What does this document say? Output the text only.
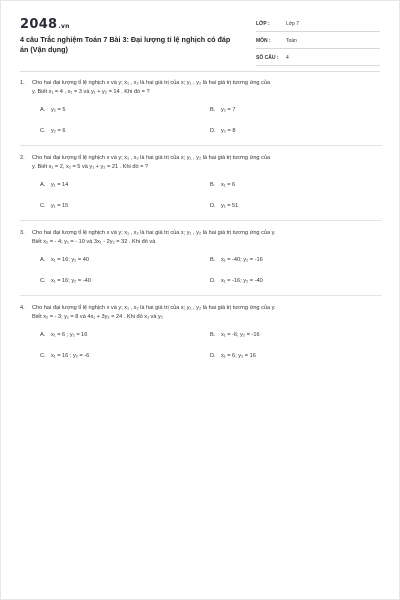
2048.vn
4 câu Trắc nghiệm Toán 7 Bài 3: Đại lượng tỉ lệ nghịch có đáp án (Vận dụng)
LỚP :	Lớp 7
MÔN :	Toán
SỐ CÂU :	4
1.	Cho hai đại lượng tỉ lệ nghịch x và y; x₁ , x₂ là hai giá trị của x; y₁ , y₂ là hai giá trị tương ứng của
y. Biết x₁ = 4 , x₂ = 3 và y₁ + y₂ = 14 . Khi đó = ?
A.	y₂ = 5	B.	y₂ = 7
C. y₂ = 6	D. y₂ = 8
2.	Cho hai đại lượng tỉ lệ nghịch x và y; x₁ , x₂ là hai giá trị của x; y₁ , y₂ là hai giá trị tương ứng của
y. Biết x₁ = 2, x₂ = 5 và y₁ + y₂ = 21 . Khi đó = ?
A.	y₁ = 14	B.	x₁ = 6
C. y₁ = 15	D. y₁ = 51
3.	Cho hai đại lượng tỉ lệ nghịch x và y; x₁ , x₂ là hai giá trị của x; y₁ , y₂ là hai giá trị tương ứng của y.
Biết x₂ = - 4; y₁ = - 10 và 3x₁ - 2y₂ = 32 . Khi đó và
A.	x₁ = 16; y₂ = 40	B.	x₁ = -40; y₂ = -16
C. x₁ = 16; y₂ = -40	D. x₁ = -16; y₂ = -40
4.	Cho hai đại lượng tỉ lệ nghịch x và y; x₁ , x₂ là hai giá trị của x; y₁ , y₂ là hai giá trị tương ứng của y.
Biết x₂ = - 3; y₁ = 8 và 4x₁ + 3y₂ = 24 . Khi đó x₁ và y₂
A.	x₁ = 6 ; y₂ = 16	B.	x₁ = -6; y₂ = -16
C. x₁ = 16 ; y₂ = -6	D. x₁ = 6; y₂ = 16
